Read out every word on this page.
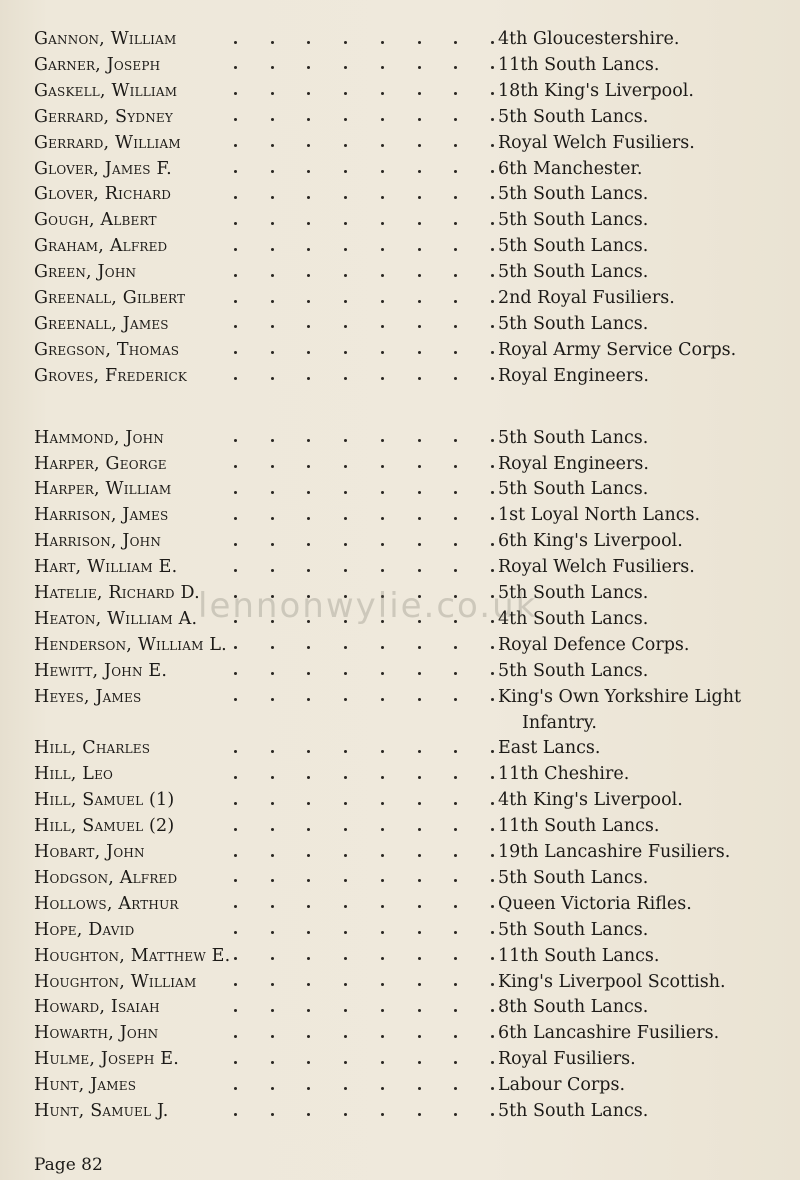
Gannon, William	4th Gloucestershire.
Garner, Joseph	11th South Lancs.
Gaskell, William	18th King's Liverpool.
Gerrard, Sydney	5th South Lancs.
Gerrard, William	Royal Welch Fusiliers.
Glover, James F.	6th Manchester.
Glover, Richard	5th South Lancs.
Gough, Albert	5th South Lancs.
Graham, Alfred	5th South Lancs.
Green, John	5th South Lancs.
Greenall, Gilbert	2nd Royal Fusiliers.
Greenall, James	5th South Lancs.
Gregson, Thomas	Royal Army Service Corps.
Groves, Frederick	Royal Engineers.
Hammond, John	5th South Lancs.
Harper, George	Royal Engineers.
Harper, William	5th South Lancs.
Harrison, James	1st Loyal North Lancs.
Harrison, John	6th King's Liverpool.
Hart, William E.	Royal Welch Fusiliers.
Hatelie, Richard D.	5th South Lancs.
Heaton, William A.	4th South Lancs.
Henderson, William L.	Royal Defence Corps.
Hewitt, John E.	5th South Lancs.
Heyes, James	King's Own Yorkshire Light
Infantry.
Hill, Charles	East Lancs.
Hill, Leo	11th Cheshire.
Hill, Samuel (1)	4th King's Liverpool.
Hill, Samuel (2)	11th South Lancs.
Hobart, John	19th Lancashire Fusiliers.
Hodgson, Alfred	5th South Lancs.
Hollows, Arthur	Queen Victoria Rifles.
Hope, David	5th South Lancs.
Houghton, Matthew E.	11th South Lancs.
Houghton, William	King's Liverpool Scottish.
Howard, Isaiah	8th South Lancs.
Howarth, John	6th Lancashire Fusiliers.
Hulme, Joseph E.	Royal Fusiliers.
Hunt, James	Labour Corps.
Hunt, Samuel J.	5th South Lancs.
lennonwylie.co.uk
Page 82
